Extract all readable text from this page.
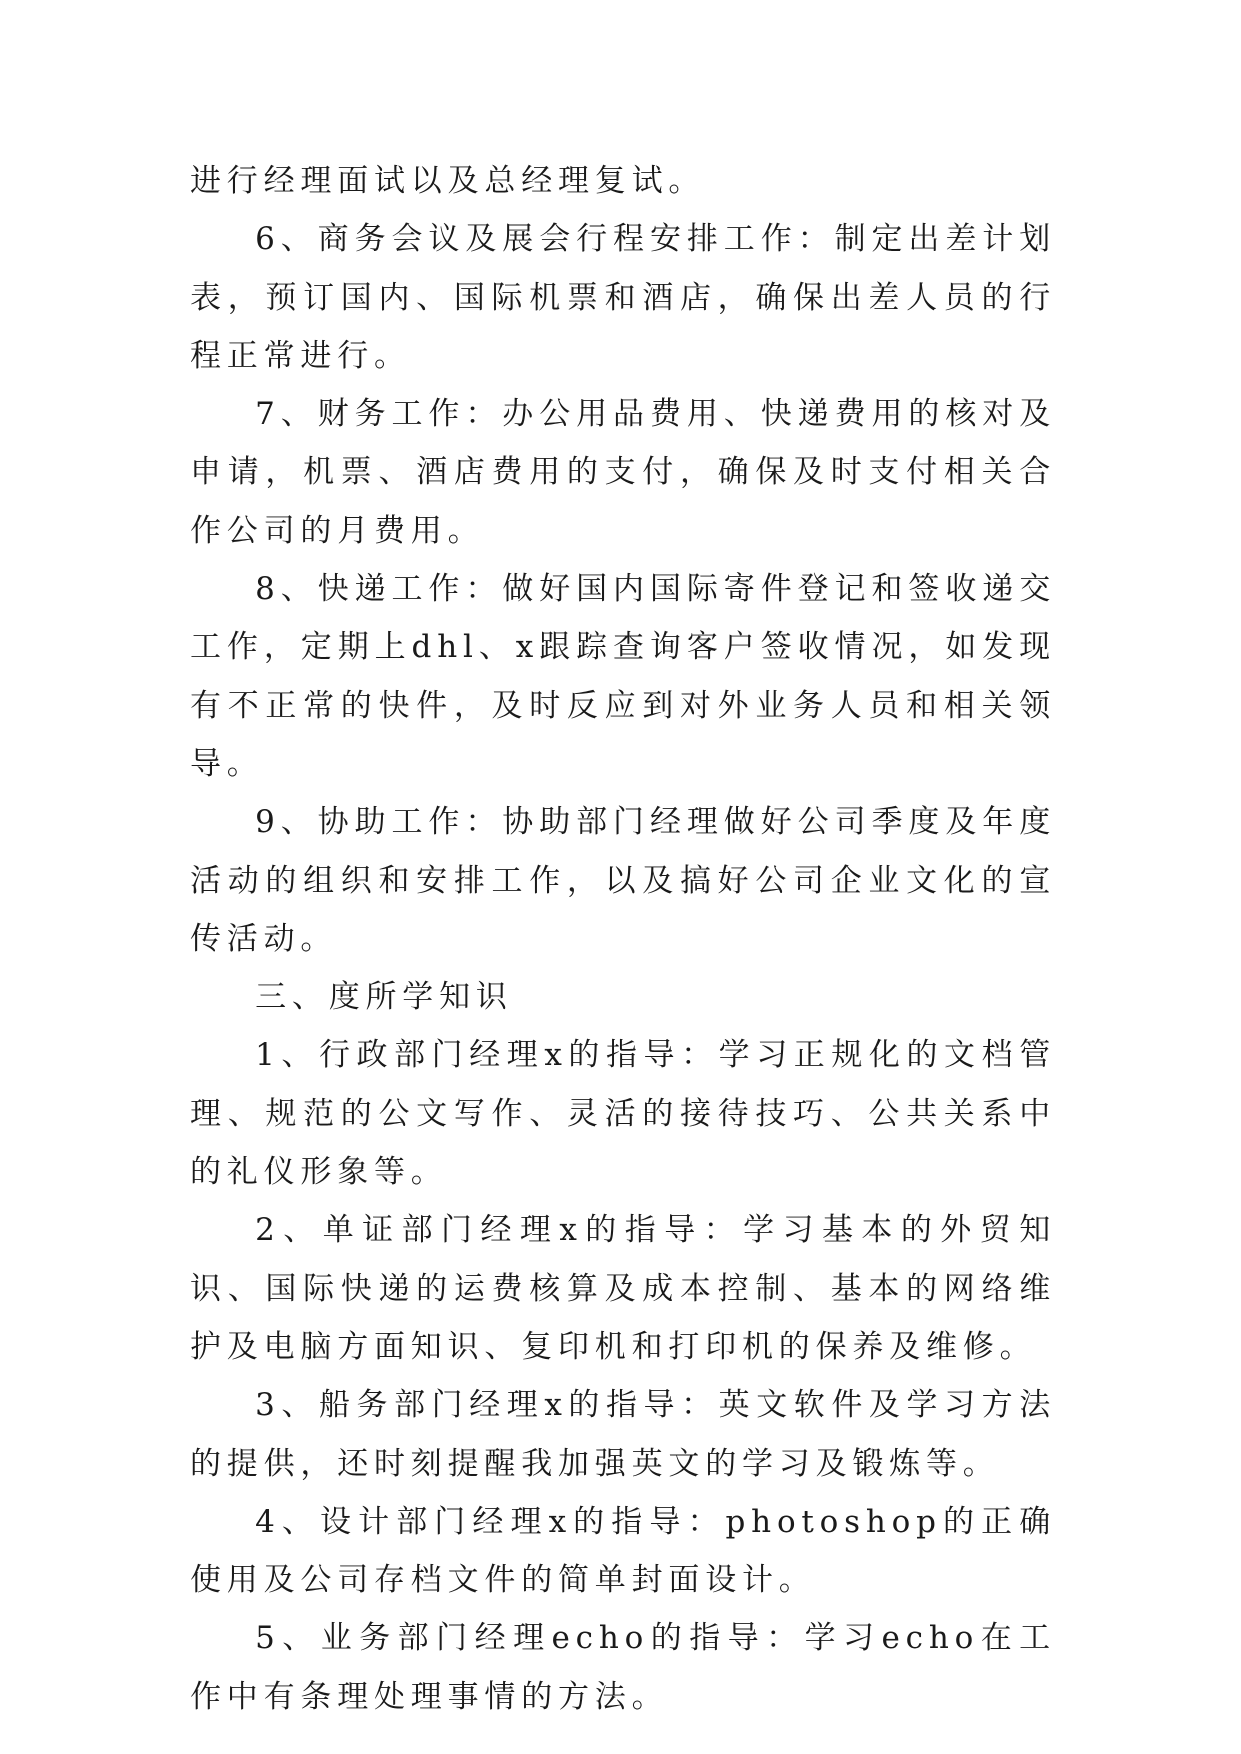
进行经理面试以及总经理复试。

6、商务会议及展会行程安排工作：制定出差计划表，预订国内、国际机票和酒店，确保出差人员的行程正常进行。

7、财务工作：办公用品费用、快递费用的核对及申请，机票、酒店费用的支付，确保及时支付相关合作公司的月费用。

8、快递工作：做好国内国际寄件登记和签收递交工作，定期上dhl、x跟踪查询客户签收情况，如发现有不正常的快件，及时反应到对外业务人员和相关领导。

9、协助工作：协助部门经理做好公司季度及年度活动的组织和安排工作，以及搞好公司企业文化的宣传活动。

三、度所学知识

1、行政部门经理x的指导：学习正规化的文档管理、规范的公文写作、灵活的接待技巧、公共关系中的礼仪形象等。

2、单证部门经理x的指导：学习基本的外贸知识、国际快递的运费核算及成本控制、基本的网络维护及电脑方面知识、复印机和打印机的保养及维修。

3、船务部门经理x的指导：英文软件及学习方法的提供，还时刻提醒我加强英文的学习及锻炼等。

4、设计部门经理x的指导：photoshop的正确使用及公司存档文件的简单封面设计。

5、业务部门经理echo的指导：学习echo在工作中有条理处理事情的方法。
